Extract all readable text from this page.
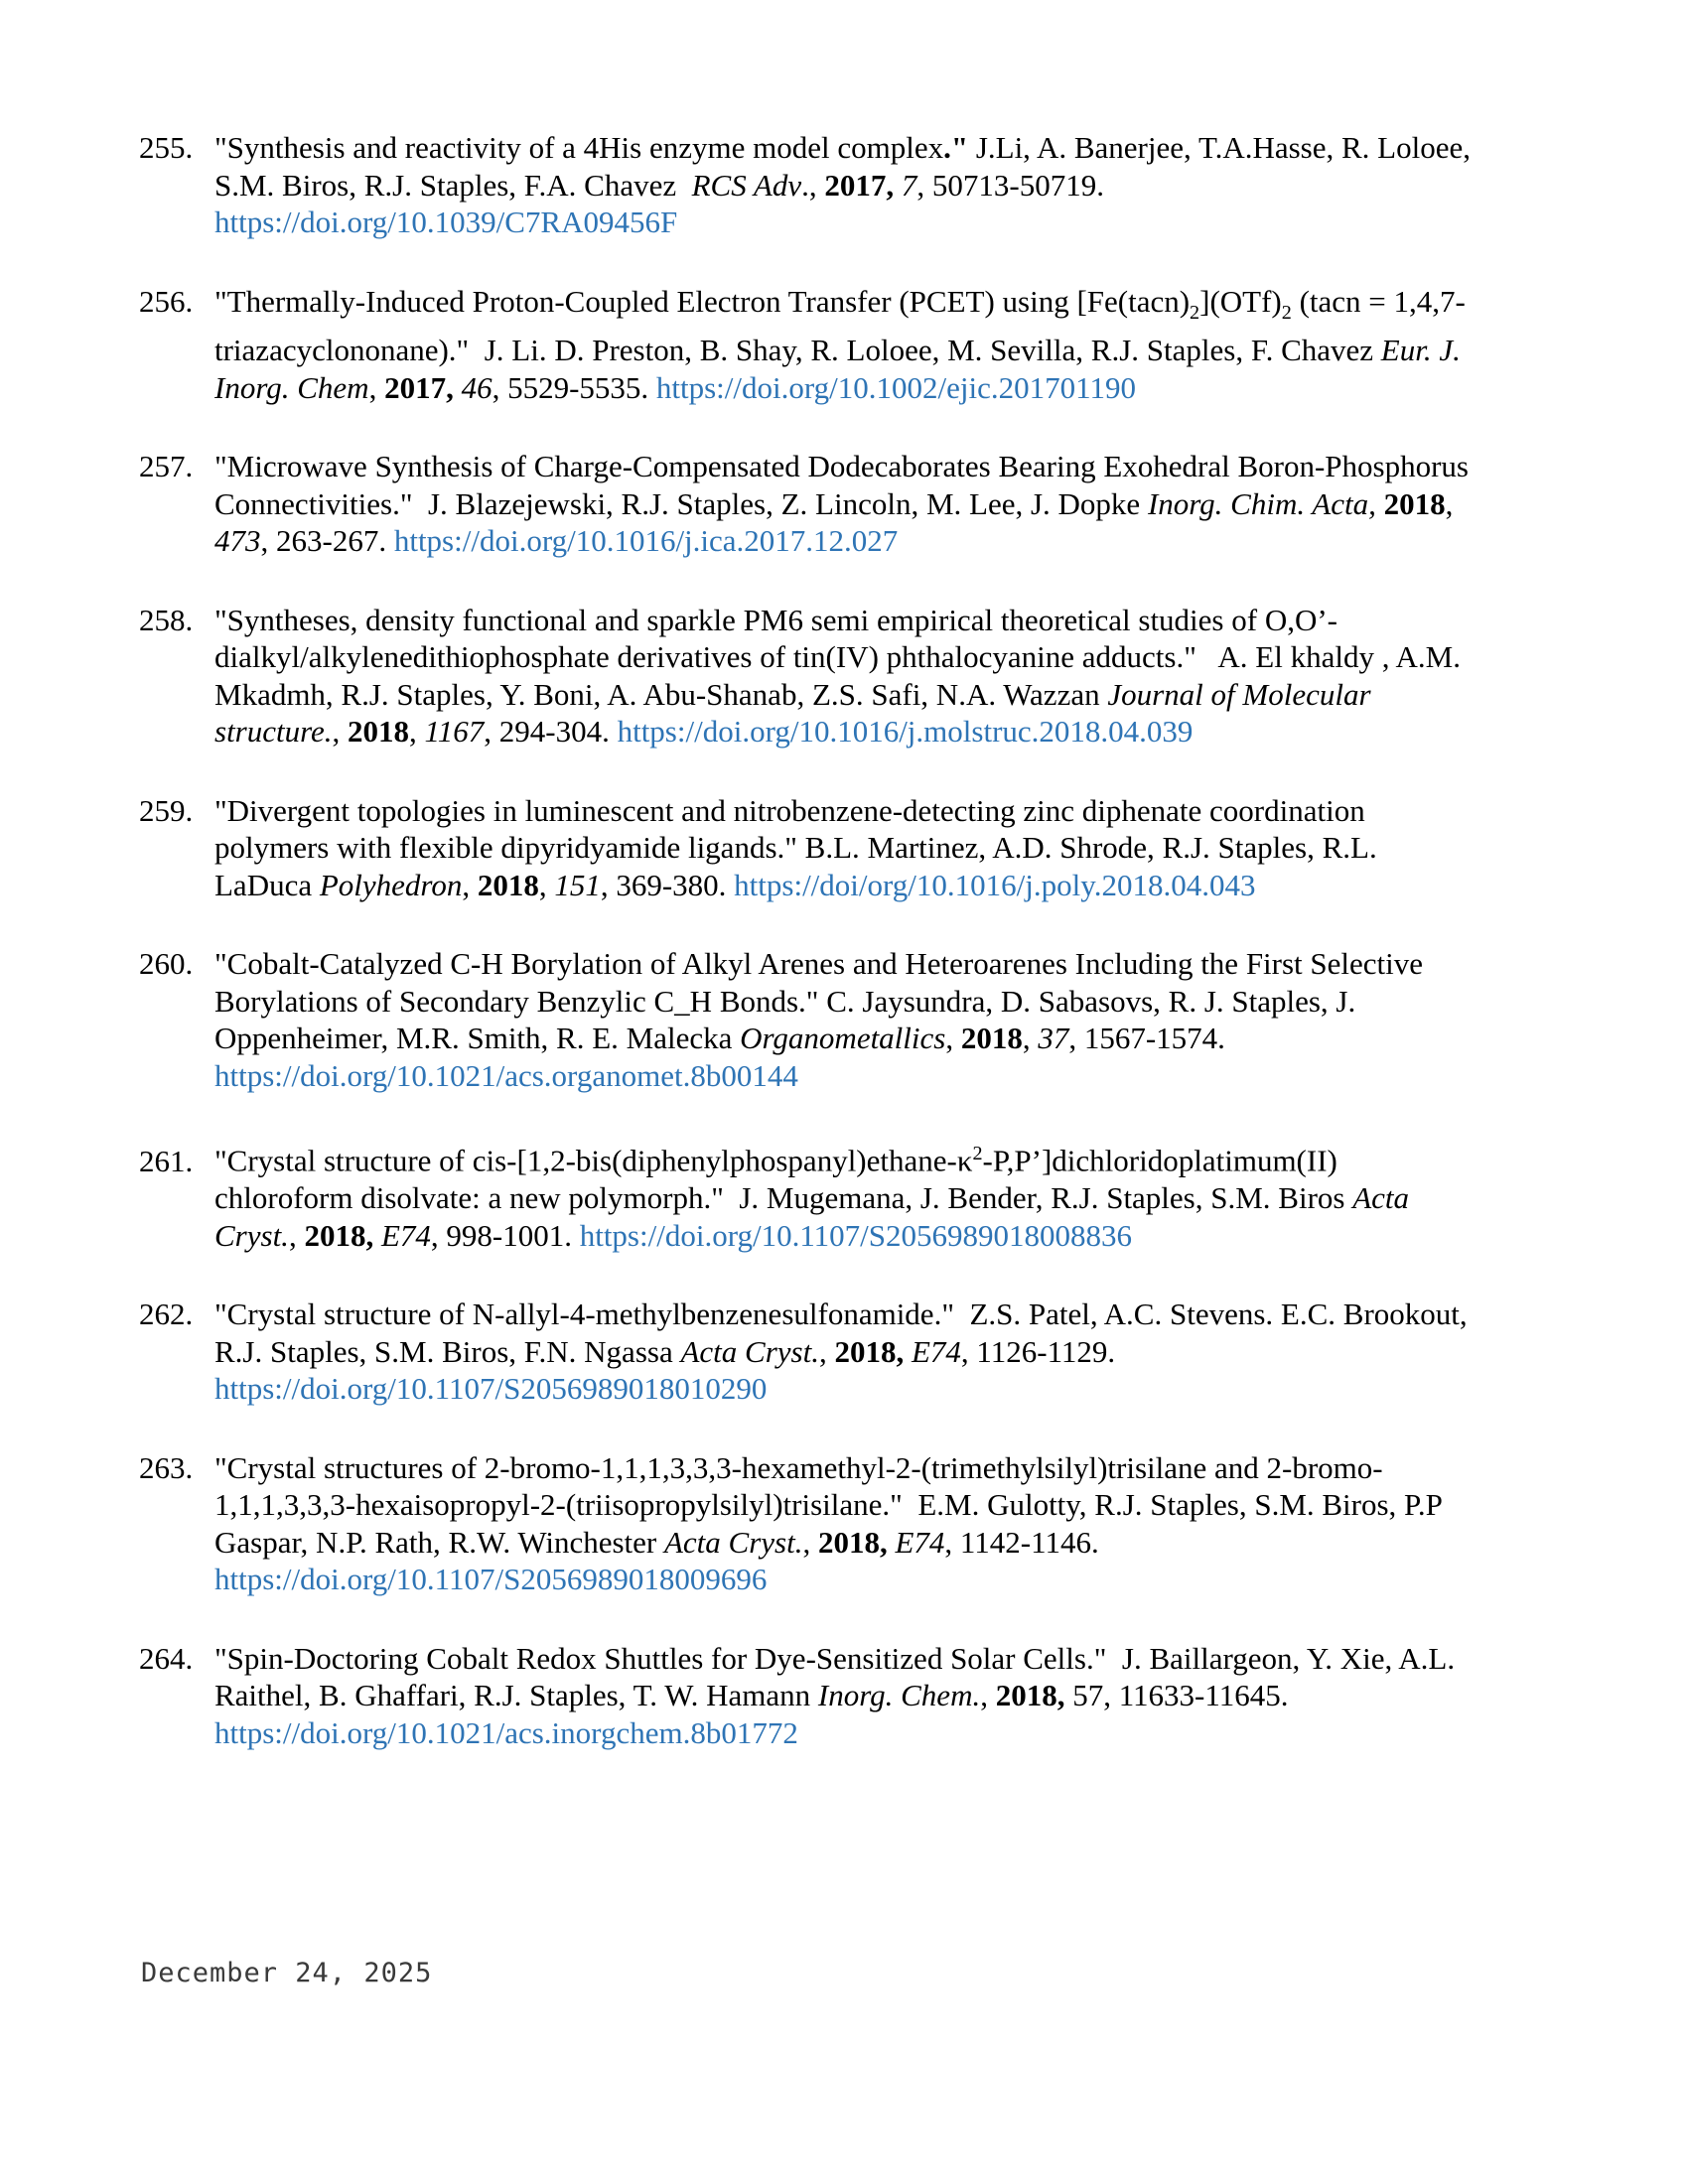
255. "Synthesis and reactivity of a 4His enzyme model complex." J.Li, A. Banerjee, T.A.Hasse, R. Loloee, S.M. Biros, R.J. Staples, F.A. Chavez  RCS Adv., 2017, 7, 50713-50719. https://doi.org/10.1039/C7RA09456F
256. "Thermally-Induced Proton-Coupled Electron Transfer (PCET) using $[Fe(tacn)_2](OTf)_2$ (tacn = 1,4,7-triazacyclononane)."  J. Li. D. Preston, B. Shay, R. Loloee, M. Sevilla, R.J. Staples, F. Chavez Eur. J. Inorg. Chem, 2017, 46, 5529-5535. https://doi.org/10.1002/ejic.201701190
257. "Microwave Synthesis of Charge-Compensated Dodecaborates Bearing Exohedral Boron-Phosphorus Connectivities."  J. Blazejewski, R.J. Staples, Z. Lincoln, M. Lee, J. Dopke Inorg. Chim. Acta, 2018, 473, 263-267. https://doi.org/10.1016/j.ica.2017.12.027
258. "Syntheses, density functional and sparkle PM6 semi empirical theoretical studies of O,O’-dialkyl/alkylenedithiophosphate derivatives of tin(IV) phthalocyanine adducts."   A. El khaldy , A.M. Mkadmh, R.J. Staples, Y. Boni, A. Abu-Shanab, Z.S. Safi, N.A. Wazzan Journal of Molecular structure., 2018, 1167, 294-304. https://doi.org/10.1016/j.molstruc.2018.04.039
259. "Divergent topologies in luminescent and nitrobenzene-detecting zinc diphenate coordination polymers with flexible dipyridyamide ligands." B.L. Martinez, A.D. Shrode, R.J. Staples, R.L. LaDuca Polyhedron, 2018, 151, 369-380. https://doi/org/10.1016/j.poly.2018.04.043
260. "Cobalt-Catalyzed C-H Borylation of Alkyl Arenes and Heteroarenes Including the First Selective Borylations of Secondary Benzylic C_H Bonds." C. Jaysundra, D. Sabasovs, R. J. Staples, J. Oppenheimer, M.R. Smith, R. E. Malecka Organometallics, 2018, 37, 1567-1574. https://doi.org/10.1021/acs.organomet.8b00144
261. "Crystal structure of cis-$[1,2-bis(diphenylphospanyl)ethane-\kappa^2-P,P’]dichloridoplatimum(II)$ chloroform disolvate: a new polymorph."  J. Mugemana, J. Bender, R.J. Staples, S.M. Biros Acta Cryst., 2018, E74, 998-1001. https://doi.org/10.1107/S2056989018008836
262. "Crystal structure of N-allyl-4-methylbenzenesulfonamide."  Z.S. Patel, A.C. Stevens. E.C. Brookout, R.J. Staples, S.M. Biros, F.N. Ngassa Acta Cryst., 2018, E74, 1126-1129. https://doi.org/10.1107/S2056989018010290
263. "Crystal structures of 2-bromo-1,1,1,3,3,3-hexamethyl-2-(trimethylsilyl)trisilane and 2-bromo-1,1,1,3,3,3-hexaisopropyl-2-(triisopropylsilyl)trisilane."  E.M. Gulotty, R.J. Staples, S.M. Biros, P.P Gaspar, N.P. Rath, R.W. Winchester Acta Cryst., 2018, E74, 1142-1146. https://doi.org/10.1107/S2056989018009696
264. "Spin-Doctoring Cobalt Redox Shuttles for Dye-Sensitized Solar Cells."  J. Baillargeon, Y. Xie, A.L. Raithel, B. Ghaffari, R.J. Staples, T. W. Hamann Inorg. Chem., 2018, 57, 11633-11645. https://doi.org/10.1021/acs.inorgchem.8b01772
December 24, 2025
